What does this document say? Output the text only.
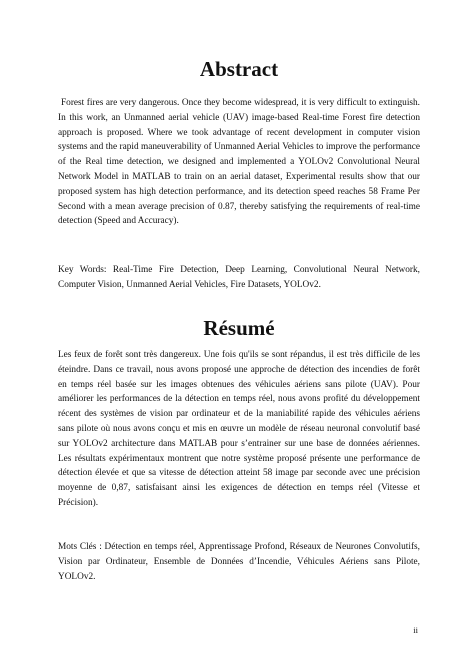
Abstract

Forest fires are very dangerous. Once they become widespread, it is very difficult to extinguish. In this work, an Unmanned aerial vehicle (UAV) image-based Real-time Forest fire detection approach is proposed. Where we took advantage of recent development in computer vision systems and the rapid maneuverability of Unmanned Aerial Vehicles to improve the performance of the Real time detection, we designed and implemented a YOLOv2 Convolutional Neural Network Model in MATLAB to train on an aerial dataset, Experimental results show that our proposed system has high detection performance, and its detection speed reaches 58 Frame Per Second with a mean average precision of 0.87, thereby satisfying the requirements of real-time detection (Speed and Accuracy).

Key Words: Real-Time Fire Detection, Deep Learning, Convolutional Neural Network, Computer Vision, Unmanned Aerial Vehicles, Fire Datasets, YOLOv2.

Résumé

Les feux de forêt sont très dangereux. Une fois qu'ils se sont répandus, il est très difficile de les éteindre. Dans ce travail, nous avons proposé une approche de détection des incendies de forêt en temps réel basée sur les images obtenues des véhicules aériens sans pilote (UAV). Pour améliorer les performances de la détection en temps réel, nous avons profité du développement récent des systèmes de vision par ordinateur et de la maniabilité rapide des véhicules aériens sans pilote où nous avons conçu et mis en œuvre un modèle de réseau neuronal convolutif basé sur YOLOv2 architecture dans MATLAB pour s’entrainer sur une base de données aériennes. Les résultats expérimentaux montrent que notre système proposé présente une performance de détection élevée et que sa vitesse de détection atteint 58 image par seconde avec une précision moyenne de 0,87, satisfaisant ainsi les exigences de détection en temps réel (Vitesse et Précision).

Mots Clés : Détection en temps réel, Apprentissage Profond, Réseaux de Neurones Convolutifs, Vision par Ordinateur, Ensemble de Données d’Incendie, Véhicules Aériens sans Pilote, YOLOv2.

ii
